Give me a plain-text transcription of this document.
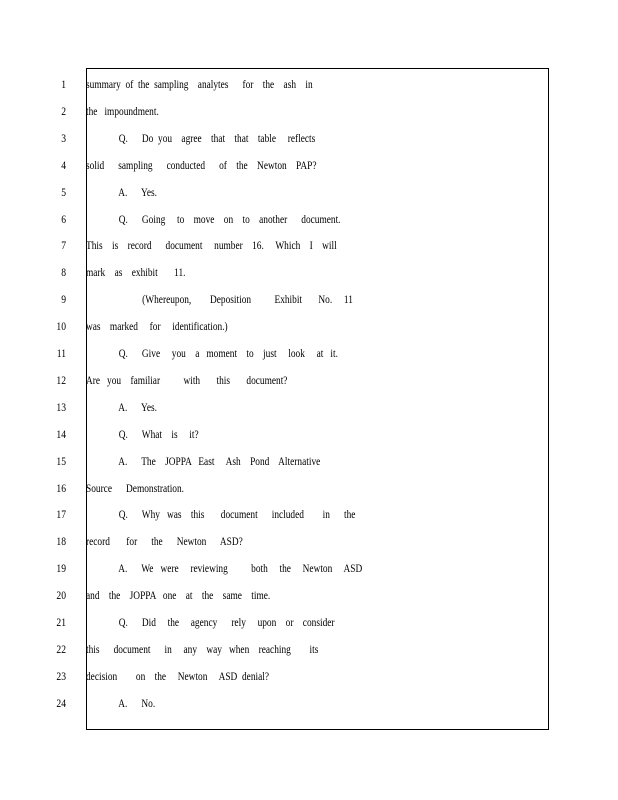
1 summary  of  the  sampling    analytes      for    the    ash    in
2 the   impoundment.
3 Q.      Do  you    agree    that    that    table     reflects
4 solid      sampling      conducted      of    the    Newton    PAP?
5 A.      Yes.
6 Q.      Going     to    move    on    to    another      document.
7 This    is    record      document     number    16.     Which    I    will
8 mark    as    exhibit       11.
9 (Whereupon,        Deposition          Exhibit       No.     11
10 was    marked     for     identification.)
11 Q.      Give     you    a   moment    to    just     look     at   it.
12 Are   you    familiar          with       this       document?
13 A.      Yes.
14 Q.      What    is     it?
15 A.      The    JOPPA   East     Ash    Pond    Alternative
16 Source      Demonstration.
17 Q.      Why   was    this       document      included        in      the
18 record       for      the      Newton      ASD?
19 A.      We   were     reviewing          both     the     Newton     ASD
20 and    the    JOPPA   one    at    the    same    time.
21 Q.      Did     the     agency      rely     upon    or    consider
22 this      document      in     any    way   when    reaching        its
23 decision        on    the     Newton     ASD  denial?
24 A.      No.
